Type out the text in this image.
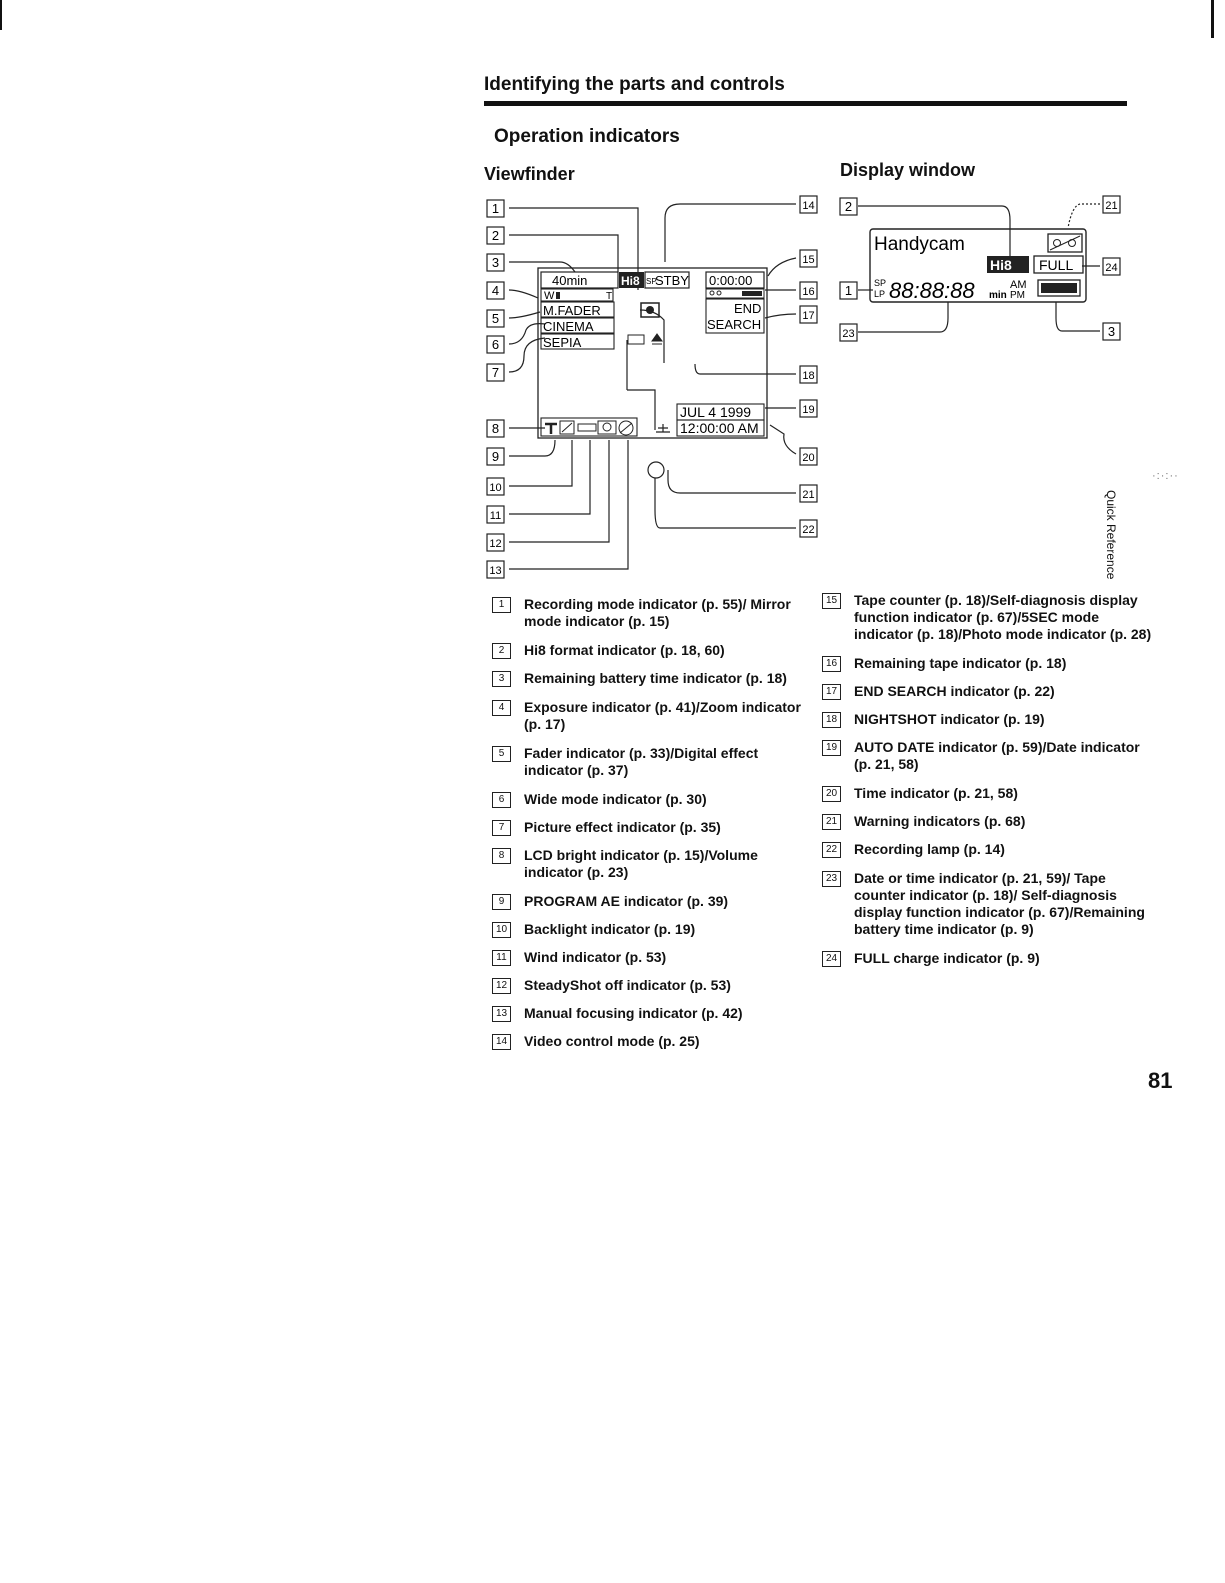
Identifying the parts and controls
Operation indicators
Viewfinder	Display window
1
2
3
4
5
6
7
8
9
10
11
12
13
14
15
16
17
18
19
20
21
22
40min	Hi8 SP
STBY 0:00:00
W	T
M.FADER
CINEMA
SEPIA
END
SEARCH
JUL 4 1999
12:00:00 AM
2	21
24
1
23	3
Handycam
Hi8 FULL
SP
LP 88:88:88 min
AM
PM
1	Recording mode indicator (p. 55)/ Mirror mode indicator (p. 15)
2	Hi8 format indicator (p. 18, 60)
3	Remaining battery time indicator (p. 18)
4	Exposure indicator (p. 41)/Zoom indicator (p. 17)
5	Fader indicator (p. 33)/Digital effect indicator (p. 37)
6	Wide mode indicator (p. 30)
7	Picture effect indicator (p. 35)
8	LCD bright indicator (p. 15)/Volume indicator (p. 23)
9	PROGRAM AE indicator (p. 39)
10 Backlight indicator (p. 19)
11	Wind indicator (p. 53)
12 SteadyShot off indicator (p. 53)
13 Manual focusing indicator (p. 42)
14 Video control mode (p. 25)
15 Tape counter (p. 18)/Self-diagnosis display function indicator (p. 67)/5SEC mode indicator (p. 18)/Photo mode indicator (p. 28)
16 Remaining tape indicator (p. 18)
17 END SEARCH indicator (p. 22)
18 NIGHTSHOT indicator (p. 19)
19 AUTO DATE indicator (p. 59)/Date indicator (p. 21, 58)
20 Time indicator (p. 21, 58)
21 Warning indicators (p. 68)
22 Recording lamp (p. 14)
23 Date or time indicator (p. 21, 59)/ Tape counter indicator (p. 18)/ Self-diagnosis display function indicator (p. 67)/Remaining battery time indicator (p. 9)
24 FULL charge indicator (p. 9)
·:·:··
Quick Reference
81
